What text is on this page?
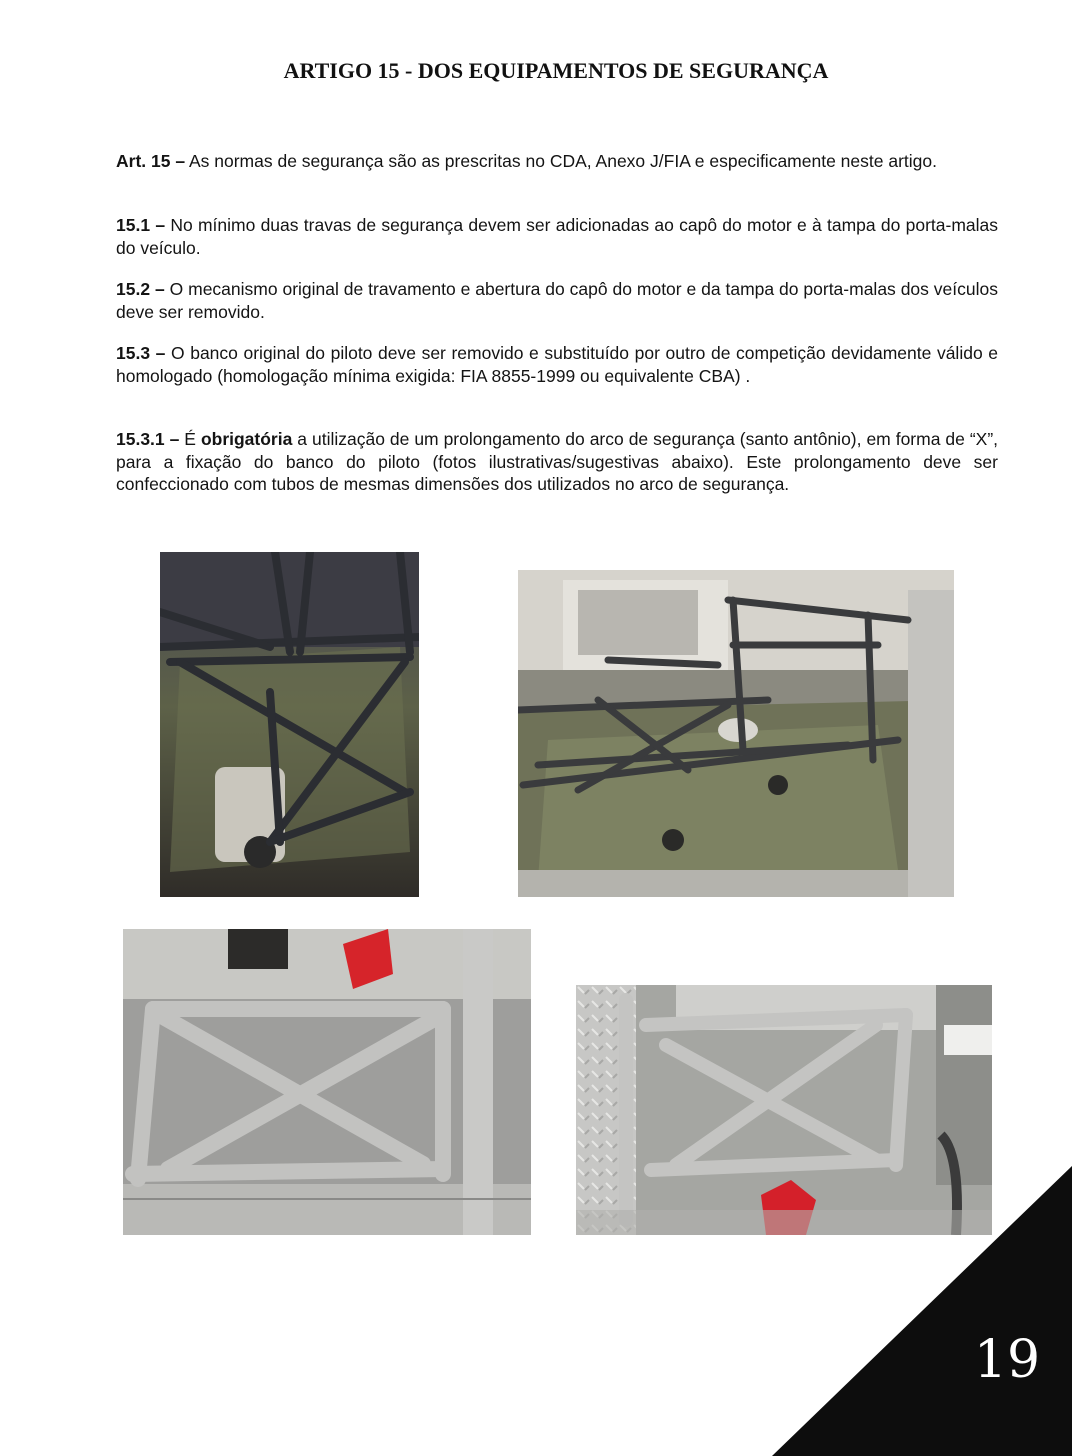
ARTIGO 15 - DOS EQUIPAMENTOS DE SEGURANÇA

Art. 15 – As normas de segurança são as prescritas no CDA, Anexo J/FIA e especificamente neste artigo.

15.1 – No mínimo duas travas de segurança devem ser adicionadas ao capô do motor e à tampa do porta-malas do veículo.

15.2 – O mecanismo original de travamento e abertura do capô do motor e da tampa do porta-malas dos veículos deve ser removido.

15.3 – O banco original do piloto deve ser removido e substituído por outro de competição devidamente válido e homologado (homologação mínima exigida: FIA 8855-1999 ou equivalente CBA) .

15.3.1 – É obrigatória a utilização de um prolongamento do arco de segurança (santo antônio), em forma de “X”, para a fixação do banco do piloto (fotos ilustrativas/sugestivas abaixo). Este prolongamento deve ser confeccionado com tubos de mesmas dimensões dos utilizados no arco de segurança.

19
